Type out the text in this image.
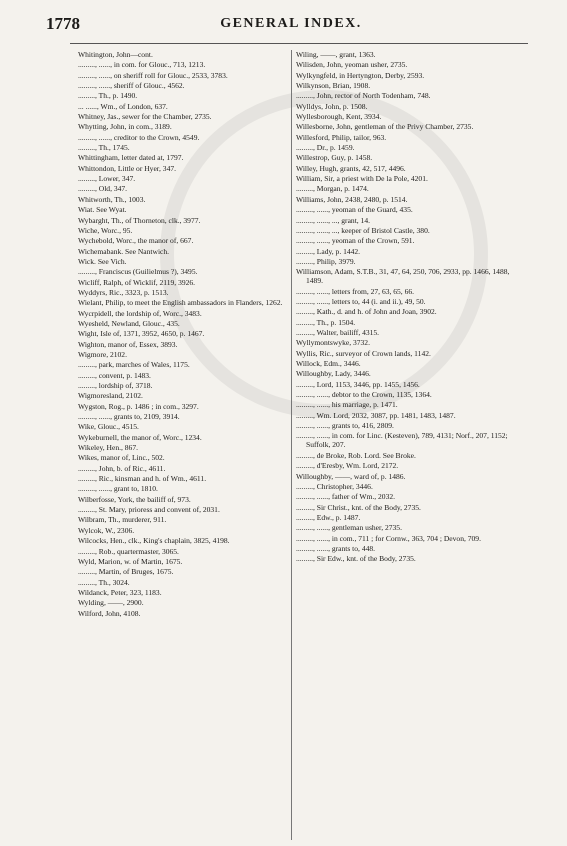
1778	GENERAL INDEX.
Whitington, John—cont.
........., ......, in com. for Glouc., 713, 1213.
........., ......, on sheriff roll for Glouc., 2533, 3783.
........., ......, sheriff of Glouc., 4562.
........., Th., p. 1490.
... ......, Wm., of London, 637.
Whitney, Jas., sewer for the Chamber, 2735.
Whytting, John, in com., 3189.
........., ......, creditor to the Crown, 4549.
........., Th., 1745.
Whittingham, letter dated at, 1797.
Whittondon, Little or Hyer, 347.
........., Lower, 347.
........., Old, 347.
Whitworth, Th., 1003.
Wiat. See Wyat.
Wybarght, Th., of Thorneton, clk., 3977.
Wiche, Worc., 95.
Wychebold, Worc., the manor of, 667.
Wichemabank. See Nantwich.
Wick. See Vich.
........., Franciscus (Guilielmus ?), 3495.
Wicliff, Ralph, of Wicklif, 2119, 3926.
Wyddyrs, Ric., 3323, p. 1513.
Wielant, Philip, to meet the English ambassadors in Flanders, 1262.
Wycrpidell, the lordship of, Worc., 3483.
Wyesheld, Newland, Glouc., 435.
Wight, Isle of, 1371, 3952, 4650, p. 1467.
Wighton, manor of, Essex, 3893.
Wigmore, 2102.
........., park, marches of Wales, 1175.
........., convent, p. 1483.
........., lordship of, 3718.
Wigmoresland, 2102.
Wygston, Rog., p. 1486 ; in com., 3297.
........., ......, grants to, 2109, 3914.
Wike, Glouc., 4515.
Wykeburnell, the manor of, Worc., 1234.
Wikeley, Hen., 867.
Wikes, manor of, Linc., 502.
........., John, b. of Ric., 4611.
........., Ric., kinsman and h. of Wm., 4611.
........., ......, grant to, 1810.
Wilberfosse, York, the bailiff of, 973.
........., St. Mary, prioress and convent of, 2031.
Wilbram, Th., murderer, 911.
Wylcok, W., 2306.
Wilcocks, Hen., clk., King's chaplain, 3825, 4198.
........., Rob., quartermaster, 3065.
Wyld, Marion, w. of Martin, 1675.
........., Martin, of Bruges, 1675.
........., Th., 3024.
Wildanck, Peter, 323, 1183.
Wylding, ——, 2900.
Wilford, John, 4108.
Wiling, ——, grant, 1363.
Wilisden, John, yeoman usher, 2735.
Wylkyngfeld, in Hertyngton, Derby, 2593.
Wilkynson, Brian, 1908.
........., John, rector of North Todenham, 748.
Wylldys, John, p. 1508.
Wyllesborough, Kent, 3934.
Willesborne, John, gentleman of the Privy Chamber, 2735.
Willesford, Philip, tailor, 963.
........., Dr., p. 1459.
Willestrop, Guy, p. 1458.
Willey, Hugh, grants, 42, 517, 4496.
William, Sir, a priest with De la Pole, 4201.
........., Morgan, p. 1474.
Williams, John, 2438, 2480, p. 1514.
........., ......, yeoman of the Guard, 435.
........., ......, ..., grant, 14.
........., ......, ..., keeper of Bristol Castle, 380.
........., ......, yeoman of the Crown, 591.
........., Lady, p. 1442.
........., Philip, 3979.
Williamson, Adam, S.T.B., 31, 47, 64, 250, 706, 2933, pp. 1466, 1488, 1489.
........., ......, letters from, 27, 63, 65, 66.
........., ......, letters to, 44 (i. and ii.), 49, 50.
........., Kath., d. and h. of John and Joan, 3902.
........., Th., p. 1504.
........., Walter, bailiff, 4315.
Wyllymontswyke, 3732.
Wyllis, Ric., surveyor of Crown lands, 1142.
Willock, Edm., 3446.
Willoughby, Lady, 3446.
........., Lord, 1153, 3446, pp. 1455, 1456.
........., ......, debtor to the Crown, 1135, 1364.
........., ......, his marriage, p. 1471.
........., Wm. Lord, 2032, 3087, pp. 1481, 1483, 1487.
........., ......, grants to, 416, 2809.
........., ......, in com. for Linc. (Kesteven), 789, 4131; Norf., 207, 1152; Suffolk, 207.
........., de Broke, Rob. Lord. See Broke.
........., d'Eresby, Wm. Lord, 2172.
Willoughby, ——, ward of, p. 1486.
........., Christopher, 3446.
........., ......, father of Wm., 2032.
........., Sir Christ., knt. of the Body, 2735.
........., Edw., p. 1487.
........., ......, gentleman usher, 2735.
........., ......, in com., 711 ; for Cornw., 363, 704 ; Devon, 709.
........., ......, grants to, 448.
........., Sir Edw., knt. of the Body, 2735.
